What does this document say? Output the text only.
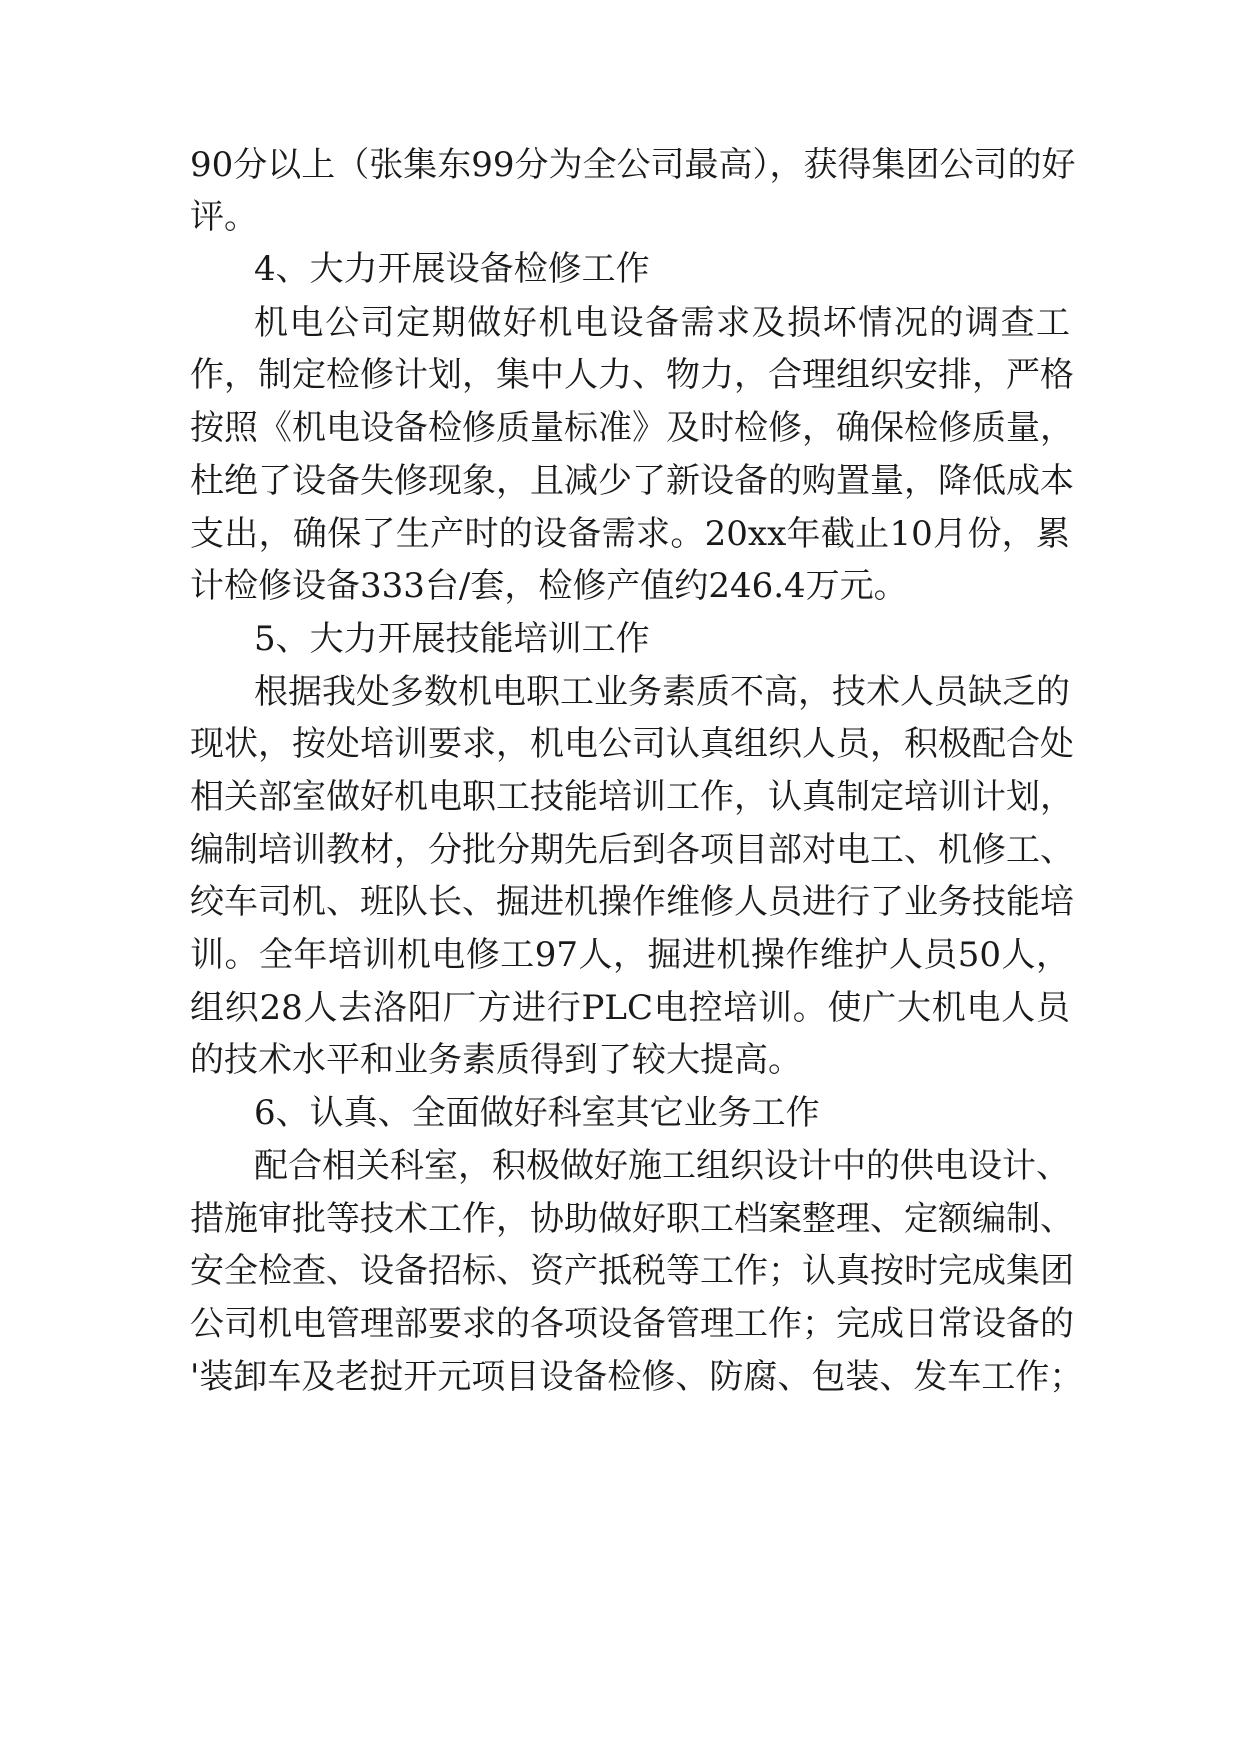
90分以上（张集东99分为全公司最高），获得集团公司的好
评。
4、大力开展设备检修工作
机电公司定期做好机电设备需求及损坏情况的调查工
作，制定检修计划，集中人力、物力，合理组织安排，严格
按照《机电设备检修质量标准》及时检修，确保检修质量，
杜绝了设备失修现象，且减少了新设备的购置量，降低成本
支出，确保了生产时的设备需求。20xx年截止10月份，累
计检修设备333台/套，检修产值约246.4万元。
5、大力开展技能培训工作
根据我处多数机电职工业务素质不高，技术人员缺乏的
现状，按处培训要求，机电公司认真组织人员，积极配合处
相关部室做好机电职工技能培训工作，认真制定培训计划，
编制培训教材，分批分期先后到各项目部对电工、机修工、
绞车司机、班队长、掘进机操作维修人员进行了业务技能培
训。全年培训机电修工97人，掘进机操作维护人员50人，
组织28人去洛阳厂方进行PLC电控培训。使广大机电人员
的技术水平和业务素质得到了较大提高。
6、认真、全面做好科室其它业务工作
配合相关科室，积极做好施工组织设计中的供电设计、
措施审批等技术工作，协助做好职工档案整理、定额编制、
安全检查、设备招标、资产抵税等工作；认真按时完成集团
公司机电管理部要求的各项设备管理工作；完成日常设备的
'装卸车及老挝开元项目设备检修、防腐、包装、发车工作；
